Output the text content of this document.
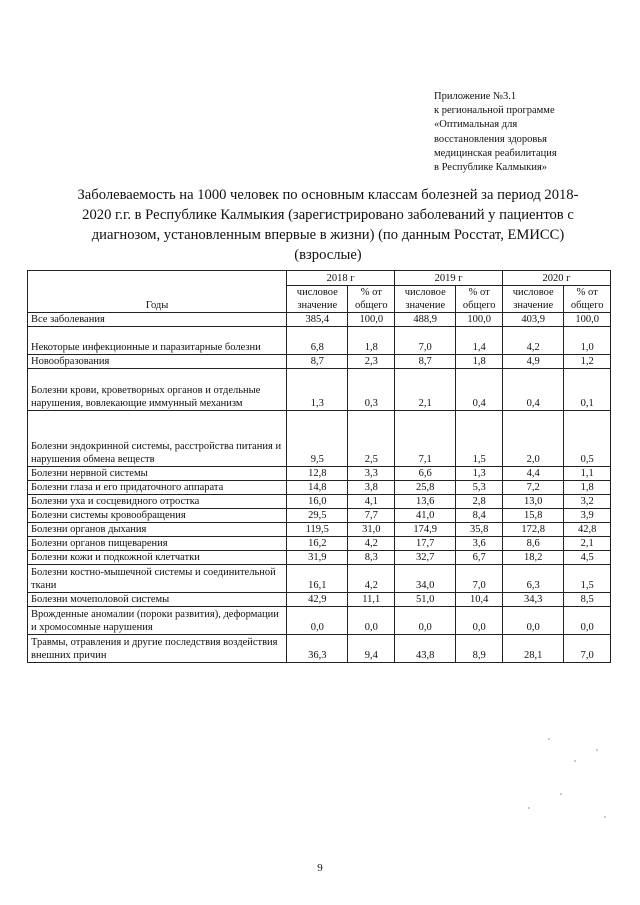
Приложение №3.1
к региональной программе
«Оптимальная для
восстановления здоровья
медицинская реабилитация
в Республике Калмыкия»
Заболеваемость на 1000 человек по основным классам болезней за период 2018-
2020 г.г. в Республике Калмыкия (зарегистрировано заболеваний у пациентов с
диагнозом, установленным впервые в жизни) (по данным Росстат, ЕМИСС)
(взрослые)
Годы	2018 г		2019 г		2020 г	
	числовое значение	% от общего	числовое значение	% от общего	числовое значение	% от общего
Все заболевания	385,4	100,0	488,9	100,0	403,9	100,0
Некоторые инфекционные и паразитарные болезни	6,8	1,8	7,0	1,4	4,2	1,0
Новообразования	8,7	2,3	8,7	1,8	4,9	1,2
Болезни крови, кроветворных органов и отдельные нарушения, вовлекающие иммунный механизм	1,3	0,3	2,1	0,4	0,4	0,1
Болезни эндокринной системы, расстройства питания и нарушения обмена веществ	9,5	2,5	7,1	1,5	2,0	0,5
Болезни нервной системы	12,8	3,3	6,6	1,3	4,4	1,1
Болезни глаза и его придаточного аппарата	14,8	3,8	25,8	5,3	7,2	1,8
Болезни уха и сосцевидного отростка	16,0	4,1	13,6	2,8	13,0	3,2
Болезни системы кровообращения	29,5	7,7	41,0	8,4	15,8	3,9
Болезни органов дыхания	119,5	31,0	174,9	35,8	172,8	42,8
Болезни органов пищеварения	16,2	4,2	17,7	3,6	8,6	2,1
Болезни кожи и подкожной клетчатки	31,9	8,3	32,7	6,7	18,2	4,5
Болезни костно-мышечной системы и соединительной ткани	16,1	4,2	34,0	7,0	6,3	1,5
Болезни мочеполовой системы	42,9	11,1	51,0	10,4	34,3	8,5
Врожденные аномалии (пороки развития), деформации и хромосомные нарушения	0,0	0,0	0,0	0,0	0,0	0,0
Травмы, отравления и другие последствия воздействия внешних причин	36,3	9,4	43,8	8,9	28,1	7,0
9
